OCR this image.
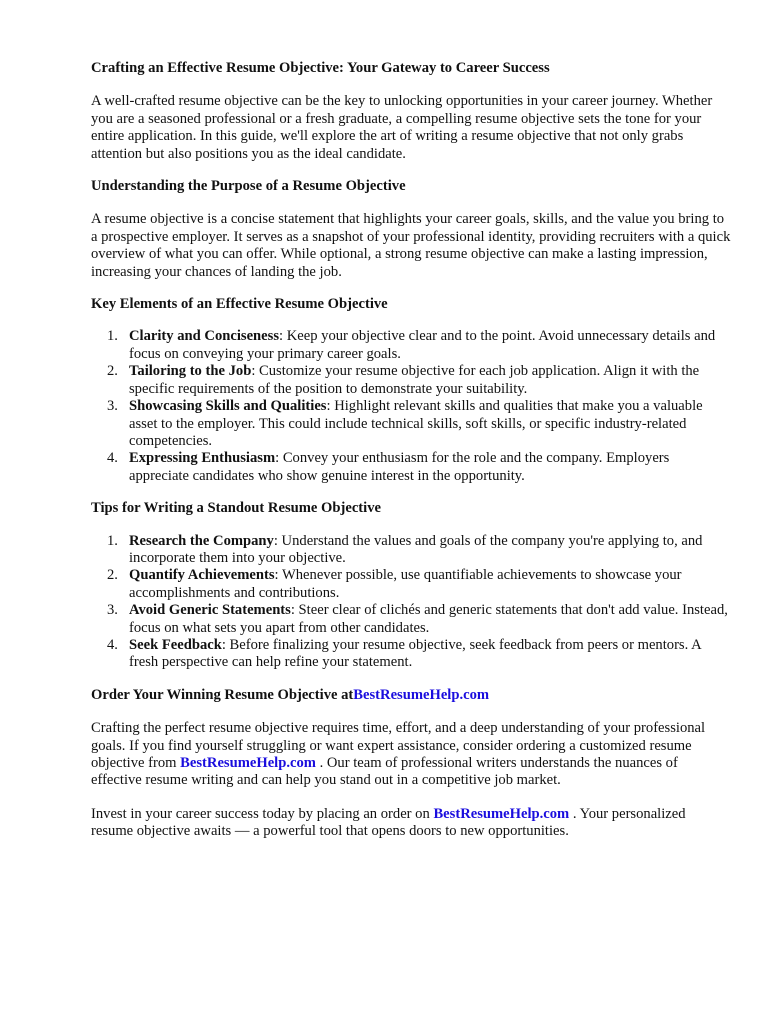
Crafting an Effective Resume Objective: Your Gateway to Career Success

A well-crafted resume objective can be the key to unlocking opportunities in your career journey. Whether you are a seasoned professional or a fresh graduate, a compelling resume objective sets the tone for your entire application. In this guide, we'll explore the art of writing a resume objective that not only grabs attention but also positions you as the ideal candidate.

Understanding the Purpose of a Resume Objective

A resume objective is a concise statement that highlights your career goals, skills, and the value you bring to a prospective employer. It serves as a snapshot of your professional identity, providing recruiters with a quick overview of what you can offer. While optional, a strong resume objective can make a lasting impression, increasing your chances of landing the job.

Key Elements of an Effective Resume Objective
1. Clarity and Conciseness: Keep your objective clear and to the point. Avoid unnecessary details and focus on conveying your primary career goals.
2. Tailoring to the Job: Customize your resume objective for each job application. Align it with the specific requirements of the position to demonstrate your suitability.
3. Showcasing Skills and Qualities: Highlight relevant skills and qualities that make you a valuable asset to the employer. This could include technical skills, soft skills, or specific industry-related competencies.
4. Expressing Enthusiasm: Convey your enthusiasm for the role and the company. Employers appreciate candidates who show genuine interest in the opportunity.
Tips for Writing a Standout Resume Objective
1. Research the Company: Understand the values and goals of the company you're applying to, and incorporate them into your objective.
2. Quantify Achievements: Whenever possible, use quantifiable achievements to showcase your accomplishments and contributions.
3. Avoid Generic Statements: Steer clear of clichés and generic statements that don't add value. Instead, focus on what sets you apart from other candidates.
4. Seek Feedback: Before finalizing your resume objective, seek feedback from peers or mentors. A fresh perspective can help refine your statement.
Order Your Winning Resume Objective atBestResumeHelp.com

Crafting the perfect resume objective requires time, effort, and a deep understanding of your professional goals. If you find yourself struggling or want expert assistance, consider ordering a customized resume objective from BestResumeHelp.com . Our team of professional writers understands the nuances of effective resume writing and can help you stand out in a competitive job market.

Invest in your career success today by placing an order on BestResumeHelp.com . Your personalized resume objective awaits — a powerful tool that opens doors to new opportunities.
